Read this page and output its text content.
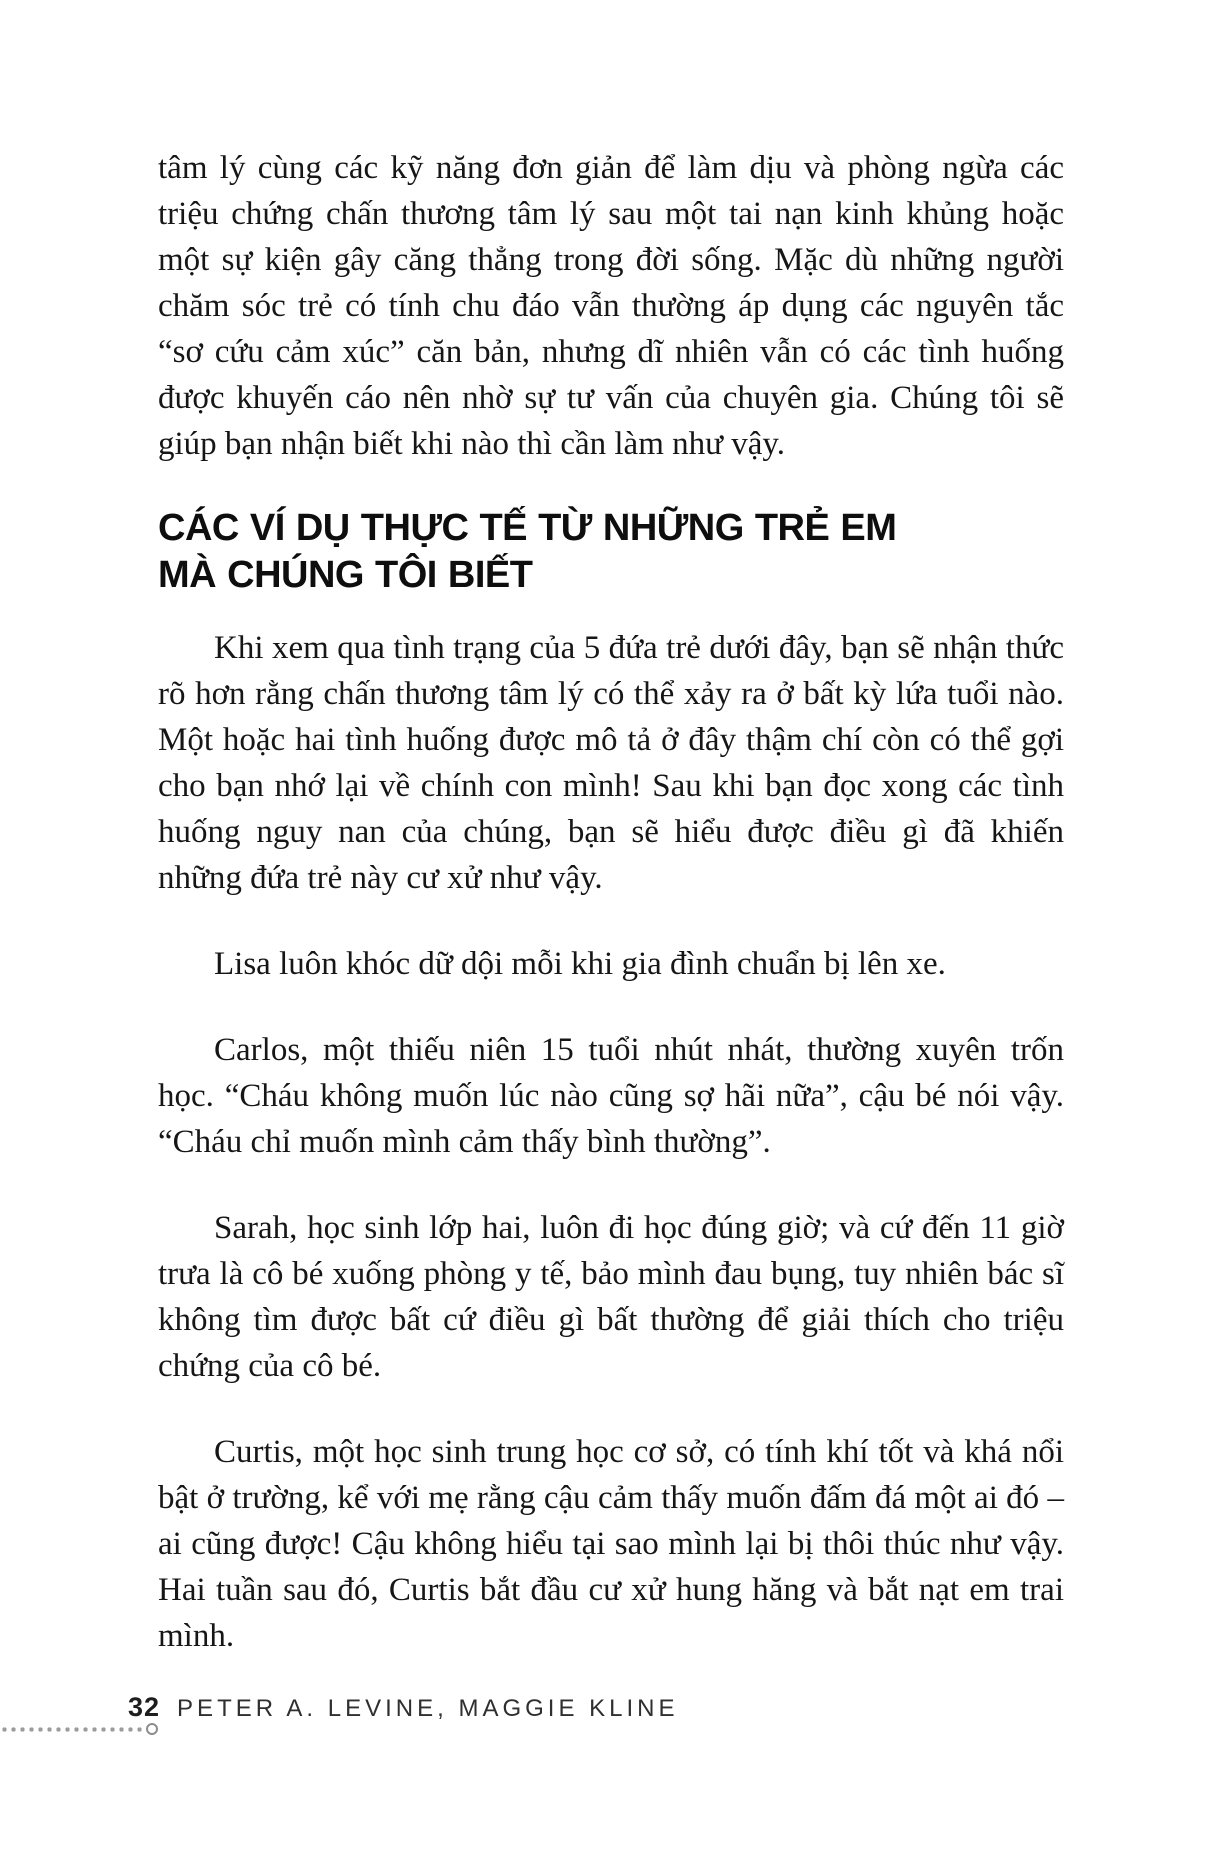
tâm lý cùng các kỹ năng đơn giản để làm dịu và phòng ngừa các triệu chứng chấn thương tâm lý sau một tai nạn kinh khủng hoặc một sự kiện gây căng thẳng trong đời sống. Mặc dù những người chăm sóc trẻ có tính chu đáo vẫn thường áp dụng các nguyên tắc “sơ cứu cảm xúc” căn bản, nhưng dĩ nhiên vẫn có các tình huống được khuyến cáo nên nhờ sự tư vấn của chuyên gia. Chúng tôi sẽ giúp bạn nhận biết khi nào thì cần làm như vậy.

CÁC VÍ DỤ THỰC TẾ TỪ NHỮNG TRẺ EM
MÀ CHÚNG TÔI BIẾT

Khi xem qua tình trạng của 5 đứa trẻ dưới đây, bạn sẽ nhận thức rõ hơn rằng chấn thương tâm lý có thể xảy ra ở bất kỳ lứa tuổi nào. Một hoặc hai tình huống được mô tả ở đây thậm chí còn có thể gợi cho bạn nhớ lại về chính con mình! Sau khi bạn đọc xong các tình huống nguy nan của chúng, bạn sẽ hiểu được điều gì đã khiến những đứa trẻ này cư xử như vậy.

Lisa luôn khóc dữ dội mỗi khi gia đình chuẩn bị lên xe.

Carlos, một thiếu niên 15 tuổi nhút nhát, thường xuyên trốn học. “Cháu không muốn lúc nào cũng sợ hãi nữa”, cậu bé nói vậy. “Cháu chỉ muốn mình cảm thấy bình thường”.

Sarah, học sinh lớp hai, luôn đi học đúng giờ; và cứ đến 11 giờ trưa là cô bé xuống phòng y tế, bảo mình đau bụng, tuy nhiên bác sĩ không tìm được bất cứ điều gì bất thường để giải thích cho triệu chứng của cô bé.

Curtis, một học sinh trung học cơ sở, có tính khí tốt và khá nổi bật ở trường, kể với mẹ rằng cậu cảm thấy muốn đấm đá một ai đó – ai cũng được! Cậu không hiểu tại sao mình lại bị thôi thúc như vậy. Hai tuần sau đó, Curtis bắt đầu cư xử hung hăng và bắt nạt em trai mình.

32 PETER A. LEVINE, MAGGIE KLINE
